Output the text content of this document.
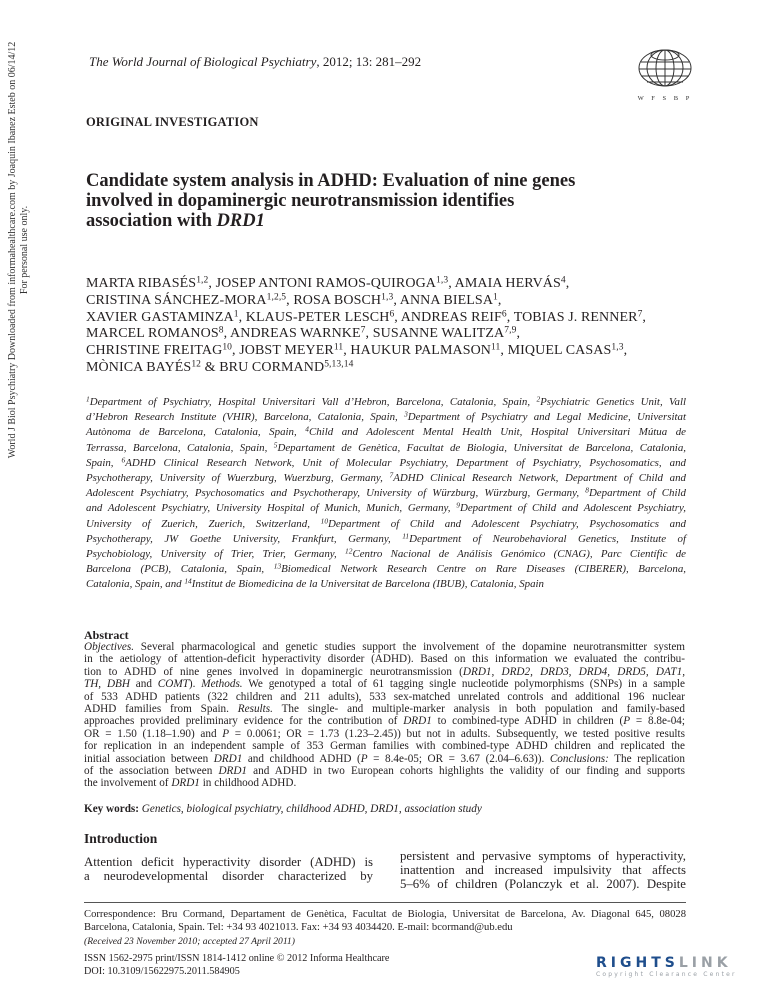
World J Biol Psychiatry Downloaded from informahealthcare.com by Joaquin Ibanez Esteb on 06/14/12 For personal use only.
The World Journal of Biological Psychiatry, 2012; 13: 281–292
W F S B P
ORIGINAL INVESTIGATION
Candidate system analysis in ADHD: Evaluation of nine genes
involved in dopaminergic neurotransmission identifies
association with DRD1
MARTA RIBASÉS$^{1,2}$, JOSEP ANTONI RAMOS-QUIROGA$^{1,3}$, AMAIA HERVÁS$^4$,
CRISTINA SÁNCHEZ-MORA$^{1,2,5}$, ROSA BOSCH$^{1,3}$, ANNA BIELSA$^1$,
XAVIER GASTAMINZA$^1$, KLAUS-PETER LESCH$^6$, ANDREAS REIF$^6$, TOBIAS J. RENNER$^7$,
MARCEL ROMANOS$^8$, ANDREAS WARNKE$^7$, SUSANNE WALITZA$^{7,9}$,
CHRISTINE FREITAG$^{10}$, JOBST MEYER$^{11}$, HAUKUR PALMASON$^{11}$, MIQUEL CASAS$^{1,3}$,
MÒNICA BAYÉS$^{12}$ & BRU CORMAND$^{5,13,14}$
$^1$Department of Psychiatry, Hospital Universitari Vall d’Hebron, Barcelona, Catalonia, Spain, $^2$Psychiatric Genetics Unit, Vall
d’Hebron Research Institute (VHIR), Barcelona, Catalonia, Spain, $^3$Department of Psychiatry and Legal Medicine, Universitat
Autònoma de Barcelona, Catalonia, Spain, $^4$Child and Adolescent Mental Health Unit, Hospital Universitari Mútua de
Terrassa, Barcelona, Catalonia, Spain, $^5$Departament de Genètica, Facultat de Biologia, Universitat de Barcelona, Catalonia,
Spain, $^6$ADHD Clinical Research Network, Unit of Molecular Psychiatry, Department of Psychiatry, Psychosomatics, and
Psychotherapy, University of Wuerzburg, Wuerzburg, Germany, $^7$ADHD Clinical Research Network, Department of Child and
Adolescent Psychiatry, Psychosomatics and Psychotherapy, University of Würzburg, Würzburg, Germany, $^8$Department of Child
and Adolescent Psychiatry, University Hospital of Munich, Munich, Germany, $^9$Department of Child and Adolescent Psychiatry,
University of Zuerich, Zuerich, Switzerland, $^{10}$Department of Child and Adolescent Psychiatry, Psychosomatics and
Psychotherapy, JW Goethe University, Frankfurt, Germany, $^{11}$Department of Neurobehavioral Genetics, Institute of
Psychobiology, University of Trier, Trier, Germany, $^{12}$Centro Nacional de Análisis Genómico (CNAG), Parc Científic de
Barcelona (PCB), Catalonia, Spain, $^{13}$Biomedical Network Research Centre on Rare Diseases (CIBERER), Barcelona,
Catalonia, Spain, and $^{14}$Institut de Biomedicina de la Universitat de Barcelona (IBUB), Catalonia, Spain
Abstract
Objectives. Several pharmacological and genetic studies support the involvement of the dopamine neurotransmitter system
in the aetiology of attention-deficit hyperactivity disorder (ADHD). Based on this information we evaluated the contribu-
tion to ADHD of nine genes involved in dopaminergic neurotransmission (DRD1, DRD2, DRD3, DRD4, DRD5, DAT1,
TH, DBH and COMT). Methods. We genotyped a total of 61 tagging single nucleotide polymorphisms (SNPs) in a sample
of 533 ADHD patients (322 children and 211 adults), 533 sex-matched unrelated controls and additional 196 nuclear
ADHD families from Spain. Results. The single- and multiple-marker analysis in both population and family-based
approaches provided preliminary evidence for the contribution of DRD1 to combined-type ADHD in children (P = 8.8e-04;
OR = 1.50 (1.18–1.90) and P = 0.0061; OR = 1.73 (1.23–2.45)) but not in adults. Subsequently, we tested positive results
for replication in an independent sample of 353 German families with combined-type ADHD children and replicated the
initial association between DRD1 and childhood ADHD (P = 8.4e-05; OR = 3.67 (2.04–6.63)). Conclusions: The replication
of the association between DRD1 and ADHD in two European cohorts highlights the validity of our finding and supports
the involvement of DRD1 in childhood ADHD.
Key words: Genetics, biological psychiatry, childhood ADHD, DRD1, association study
Introduction
Attention deficit hyperactivity disorder (ADHD) is
a neurodevelopmental disorder characterized by
persistent and pervasive symptoms of hyperactivity,
inattention and increased impulsivity that affects
5–6% of children (Polanczyk et al. 2007). Despite
Correspondence: Bru Cormand, Departament de Genètica, Facultat de Biologia, Universitat de Barcelona, Av. Diagonal 645, 08028
Barcelona, Catalonia, Spain. Tel: +34 93 4021013. Fax: +34 93 4034420. E-mail: bcormand@ub.edu
(Received 23 November 2010; accepted 27 April 2011)
ISSN 1562-2975 print/ISSN 1814-1412 online © 2012 Informa Healthcare
DOI: 10.3109/15622975.2011.584905	RIGHTSLINK
Copyright Clearance Center
